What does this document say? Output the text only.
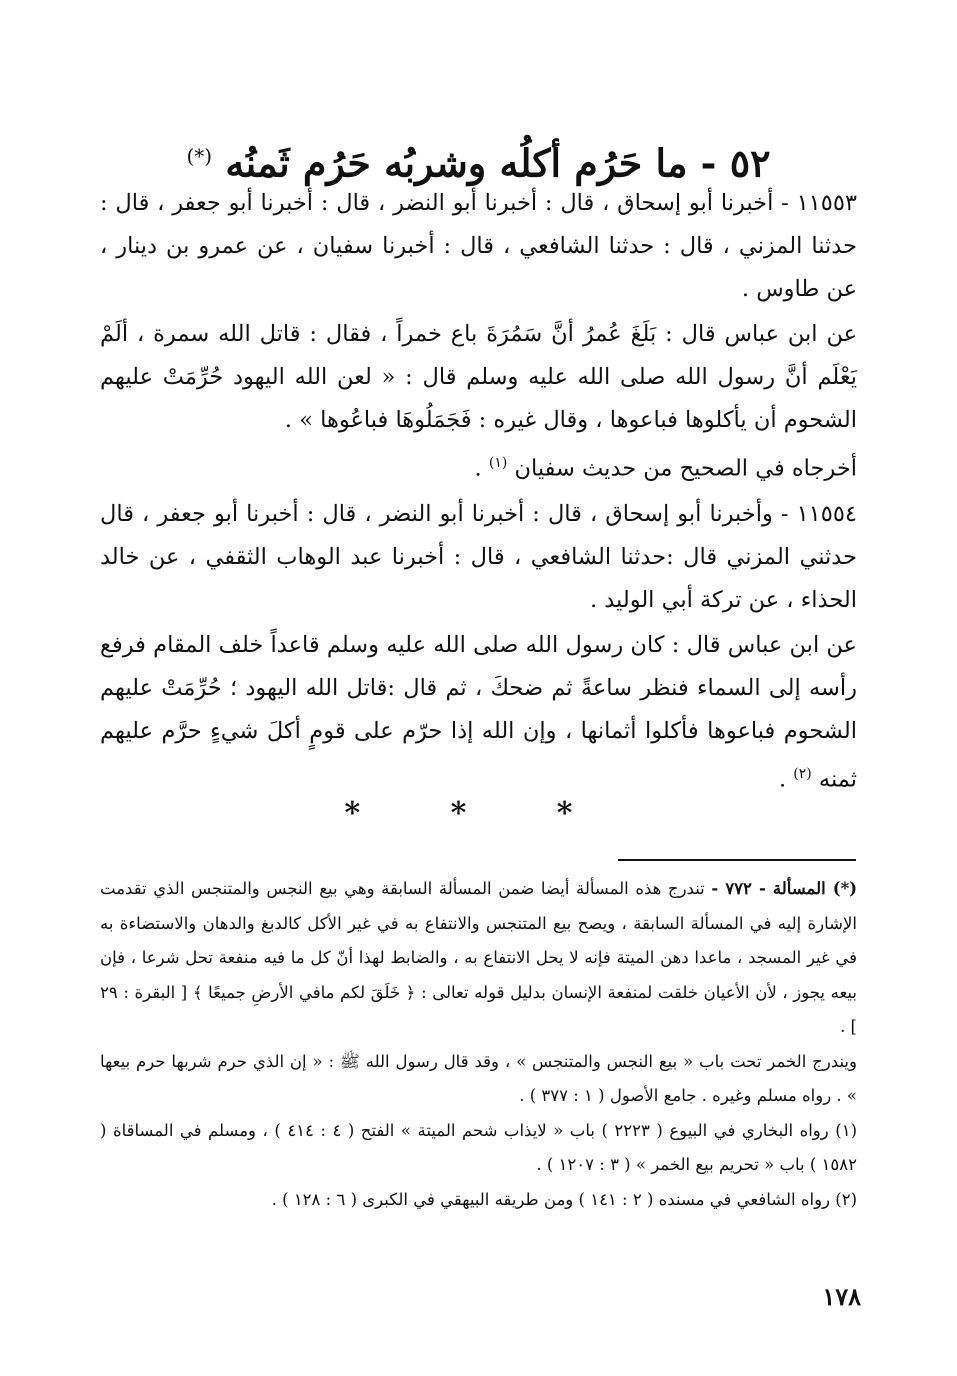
٥٢ - ما حَرُم أكلُه وشربُه حَرُم ثَمنُه (*)

١١٥٥٣ - أخبرنا أبو إسحاق ، قال : أخبرنا أبو النضر ، قال : أخبرنا أبو جعفر ، قال : حدثنا المزني ، قال : حدثنا الشافعي ، قال : أخبرنا سفيان ، عن عمرو بن دينار ، عن طاوس .

عن ابن عباس قال : بَلَغَ عُمرُ أنَّ سَمُرَةَ باع خمراً ، فقال : قاتل الله سمرة ، ألَمْ يَعْلَم أنَّ رسول الله صلى الله عليه وسلم قال : « لعن الله اليهود حُرِّمَتْ عليهم الشحوم أن يأكلوها فباعوها ، وقال غيره : فَجَمَلُوهَا فباعُوها » .

أخرجاه في الصحيح من حديث سفيان $^{(١)}$ .

١١٥٥٤ - وأخبرنا أبو إسحاق ، قال : أخبرنا أبو النضر ، قال : أخبرنا أبو جعفر ، قال حدثني المزني قال :حدثنا الشافعي ، قال : أخبرنا عبد الوهاب الثقفي ، عن خالد الحذاء ، عن تركة أبي الوليد .

عن ابن عباس قال : كان رسول الله صلى الله عليه وسلم قاعداً خلف المقام فرفع رأسه إلى السماء فنظر ساعةً ثم ضحكَ ، ثم قال :قاتل الله اليهود ؛ حُرِّمَتْ عليهم الشحوم فباعوها فأكلوا أثمانها ، وإن الله إذا حرّم على قومٍ أكلَ شيءٍ حرَّم عليهم ثمنه $^{(٢)}$ .

* * *

(*) المسألة - ٧٧٢ - تندرج هذه المسألة أيضا ضمن المسألة السابقة وهي بيع النجس والمتنجس الذي تقدمت الإشارة إليه في المسألة السابقة ، ويصح بيع المتنجس والانتفاع به في غير الأكل كالدبغ والدهان والاستضاءة به في غير المسجد ، ماعدا دهن الميتة فإنه لا يحل الانتفاع به ، والضابط لهذا أنّ كل ما فيه منفعة تحل شرعا ، فإن بيعه يجوز ، لأن الأعيان خلقت لمنفعة الإنسان بدليل قوله تعالى : ﴿ خَلَقَ لكم مافي الأرضِ جميعًا ﴾ [ البقرة : ٢٩ ] .

ويندرج الخمر تحت باب « بيع النجس والمتنجس » ، وقد قال رسول الله ﷺ : « إن الذي حرم شربها حرم بيعها » . رواه مسلم وغيره . جامع الأصول ( ١ : ٣٧٧ ) .

(١) رواه البخاري في البيوع ( ٢٢٢٣ ) باب « لايذاب شحم الميتة » الفتح ( ٤ : ٤١٤ ) ، ومسلم في المساقاة ( ١٥٨٢ ) باب « تحريم بيع الخمر » ( ٣ : ١٢٠٧ ) .

(٢) رواه الشافعي في مسنده ( ٢ : ١٤١ ) ومن طريقه البيهقي في الكبرى ( ٦ : ١٢٨ ) .

١٧٨
